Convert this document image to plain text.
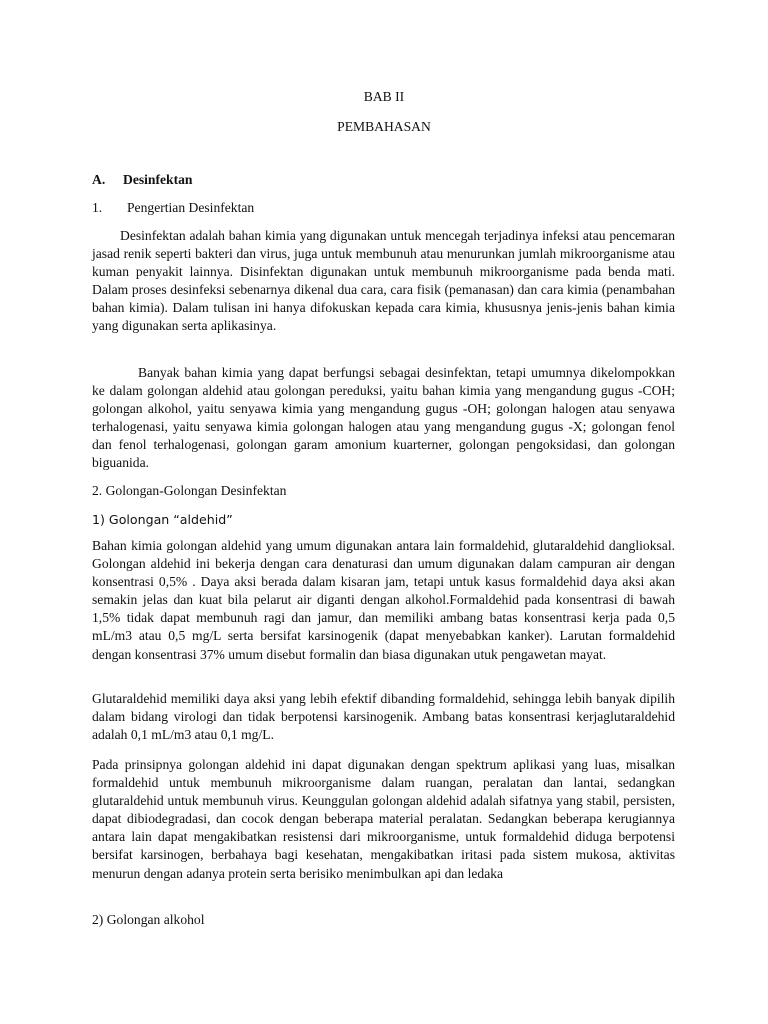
BAB II

PEMBAHASAN

A. Desinfektan
1. Pengertian Desinfektan

Desinfektan adalah bahan kimia yang digunakan untuk mencegah terjadinya infeksi atau pencemaran jasad renik seperti bakteri dan virus, juga untuk membunuh atau menurunkan jumlah mikroorganisme atau kuman penyakit lainnya. Disinfektan digunakan untuk membunuh mikroorganisme pada benda mati. Dalam proses desinfeksi sebenarnya dikenal dua cara, cara fisik (pemanasan) dan cara kimia (penambahan bahan kimia). Dalam tulisan ini hanya difokuskan kepada cara kimia, khususnya jenis-jenis bahan kimia yang digunakan serta aplikasinya.

Banyak bahan kimia yang dapat berfungsi sebagai desinfektan, tetapi umumnya dikelompokkan ke dalam golongan aldehid atau golongan pereduksi, yaitu bahan kimia yang mengandung gugus -COH; golongan alkohol, yaitu senyawa kimia yang mengandung gugus -OH; golongan halogen atau senyawa terhalogenasi, yaitu senyawa kimia golongan halogen atau yang mengandung gugus -X; golongan fenol dan fenol terhalogenasi, golongan garam amonium kuarterner, golongan pengoksidasi, dan golongan biguanida.

2. Golongan-Golongan Desinfektan

1) Golongan “aldehid”

Bahan kimia golongan aldehid yang umum digunakan antara lain formaldehid, glutaraldehid danglioksal. Golongan aldehid ini bekerja dengan cara denaturasi dan umum digunakan dalam campuran air dengan konsentrasi 0,5% . Daya aksi berada dalam kisaran jam, tetapi untuk kasus formaldehid daya aksi akan semakin jelas dan kuat bila pelarut air diganti dengan alkohol.Formaldehid pada konsentrasi di bawah 1,5% tidak dapat membunuh ragi dan jamur, dan memiliki ambang batas konsentrasi kerja pada 0,5 mL/m3 atau 0,5 mg/L serta bersifat karsinogenik (dapat menyebabkan kanker). Larutan formaldehid dengan konsentrasi 37% umum disebut formalin dan biasa digunakan utuk pengawetan mayat.

Glutaraldehid memiliki daya aksi yang lebih efektif dibanding formaldehid, sehingga lebih banyak dipilih dalam bidang virologi dan tidak berpotensi karsinogenik. Ambang batas konsentrasi kerjaglutaraldehid adalah 0,1 mL/m3 atau 0,1 mg/L.

Pada prinsipnya golongan aldehid ini dapat digunakan dengan spektrum aplikasi yang luas, misalkan formaldehid untuk membunuh mikroorganisme dalam ruangan, peralatan dan lantai, sedangkan glutaraldehid untuk membunuh virus. Keunggulan golongan aldehid adalah sifatnya yang stabil, persisten, dapat dibiodegradasi, dan cocok dengan beberapa material peralatan. Sedangkan beberapa kerugiannya antara lain dapat mengakibatkan resistensi dari mikroorganisme, untuk formaldehid diduga berpotensi bersifat karsinogen, berbahaya bagi kesehatan, mengakibatkan iritasi pada sistem mukosa, aktivitas menurun dengan adanya protein serta berisiko menimbulkan api dan ledaka

2) Golongan alkohol
